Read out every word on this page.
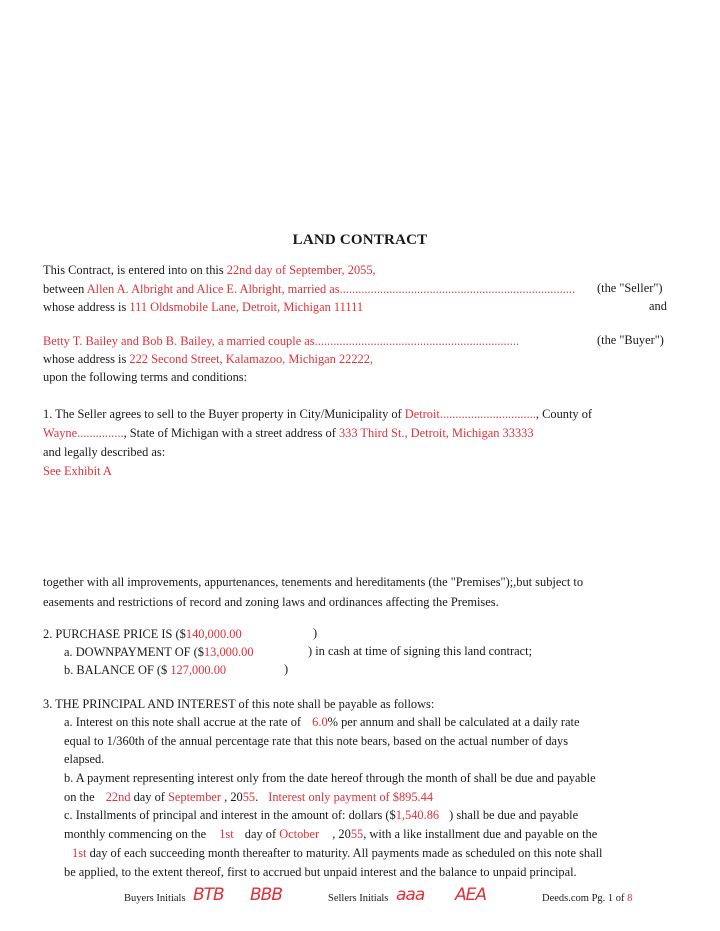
LAND CONTRACT
This Contract, is entered into on this 22nd day of September, 2055,
between Allen A. Albright and Alice E. Albright, married as............................................................................ (the "Seller")
whose address is 111 Oldsmobile Lane, Detroit, Michigan 11111	and
Betty T. Bailey and Bob B. Bailey, a married couple as..................................................................	(the "Buyer")
whose address is 222 Second Street, Kalamazoo, Michigan 22222,
upon the following terms and conditions:
1. The Seller agrees to sell to the Buyer property in City/Municipality of Detroit..............................., County of
Wayne..............., State of Michigan with a street address of 333 Third St., Detroit, Michigan 33333
and legally described as:
See Exhibit A
together with all improvements, appurtenances, tenements and hereditaments (the "Premises");,but subject to
easements and restrictions of record and zoning laws and ordinances affecting the Premises.
2. PURCHASE PRICE IS ($140,000.00	)
a. DOWNPAYMENT OF ($13,000.00	) in cash at time of signing this land contract;
b. BALANCE OF ($ 127,000.00	)
3. THE PRINCIPAL AND INTEREST of this note shall be payable as follows:
a. Interest on this note shall accrue at the rate of 6.0% per annum and shall be calculated at a daily rate
equal to 1/360th of the annual percentage rate that this note bears, based on the actual number of days
elapsed.
b. A payment representing interest only from the date hereof through the month of shall be due and payable
on the 22nd day of September , 2055. Interest only payment of $895.44
c. Installments of principal and interest in the amount of: dollars ($1,540.86 ) shall be due and payable
monthly commencing on the 1st day of October , 2055, with a like installment due and payable on the
1st day of each succeeding month thereafter to maturity. All payments made as scheduled on this note shall
be applied, to the extent thereof, first to accrued but unpaid interest and the balance to unpaid principal.
Buyers Initials BTB BBB	Sellers Initials aaa AEA	Deeds.com Pg. 1 of 8
